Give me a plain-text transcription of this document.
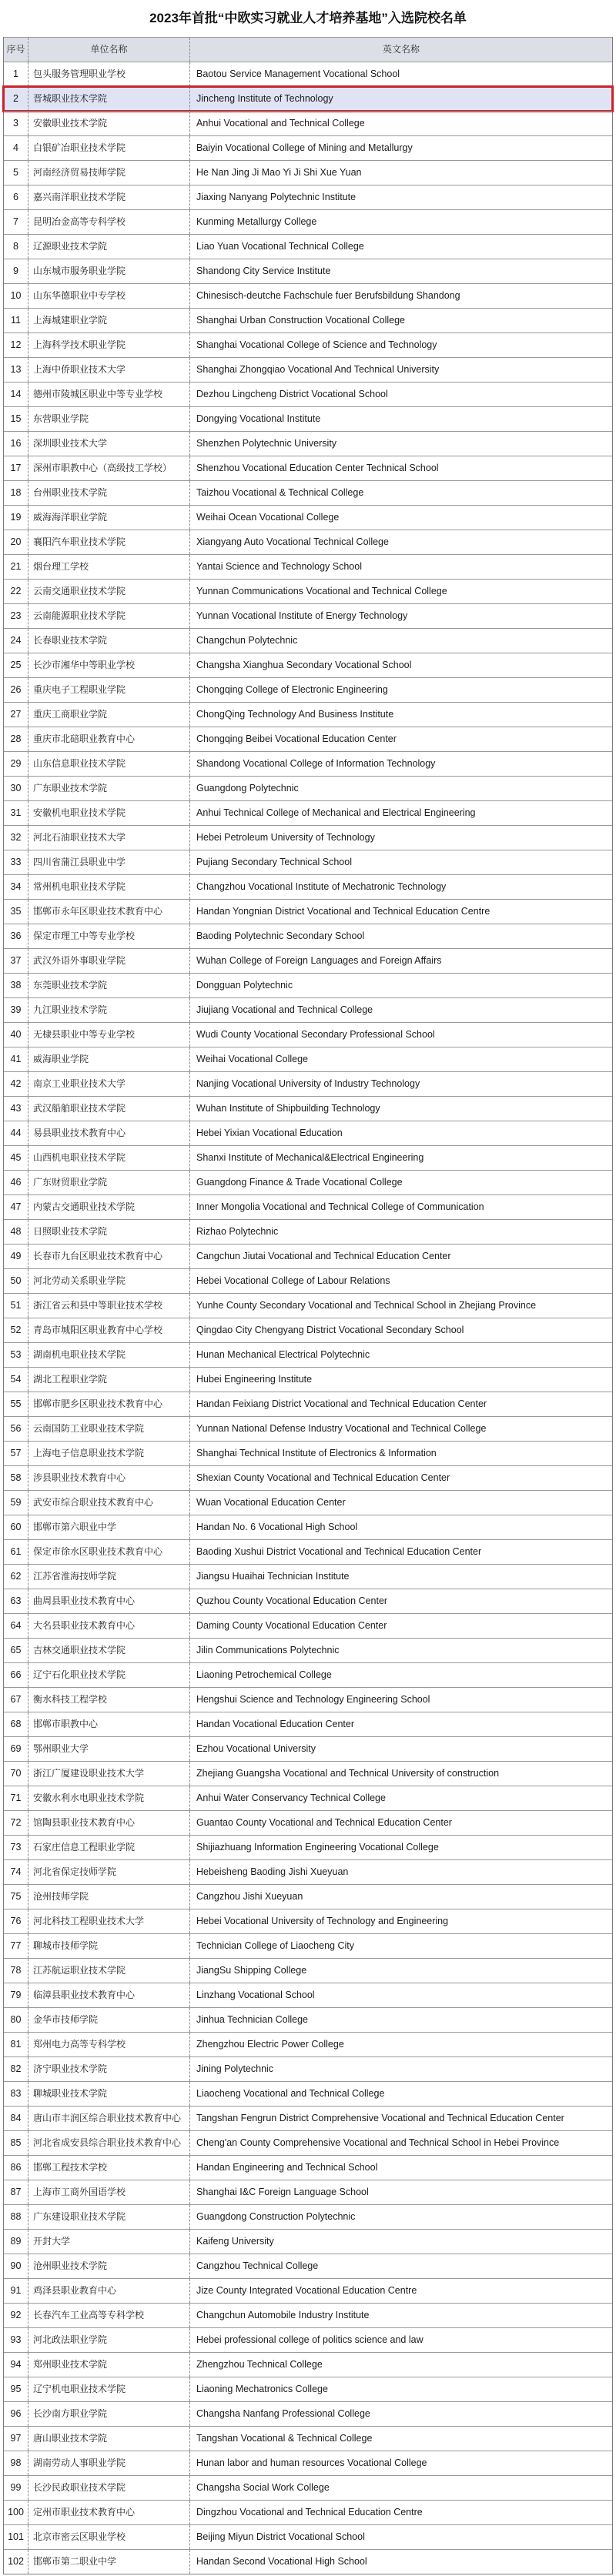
2023年首批“中欧实习就业人才培养基地”入选院校名单
序号	单位名称	英文名称
1	包头服务管理职业学校	Baotou Service Management Vocational School
2	晋城职业技术学院	Jincheng Institute of Technology
3	安徽职业技术学院	Anhui Vocational and Technical College
4	白银矿冶职业技术学院	Baiyin Vocational College of Mining and Metallurgy
5	河南经济贸易技师学院	He Nan Jing Ji Mao Yi Ji Shi Xue Yuan
6	嘉兴南洋职业技术学院	Jiaxing Nanyang Polytechnic Institute
7	昆明冶金高等专科学校	Kunming Metallurgy College
8	辽源职业技术学院	Liao Yuan Vocational Technical College
9	山东城市服务职业学院	Shandong City Service Institute
10	山东华德职业中专学校	Chinesisch-deutche Fachschule fuer Berufsbildung Shandong
11	上海城建职业学院	Shanghai Urban Construction Vocational College
12	上海科学技术职业学院	Shanghai Vocational College of Science and Technology
13	上海中侨职业技术大学	Shanghai Zhongqiao Vocational And Technical University
14	德州市陵城区职业中等专业学校	Dezhou Lingcheng District Vocational School
15	东营职业学院	Dongying Vocational Institute
16	深圳职业技术大学	Shenzhen Polytechnic University
17	深州市职教中心（高级技工学校）	Shenzhou Vocational Education Center Technical School
18	台州职业技术学院	Taizhou Vocational & Technical College
19	威海海洋职业学院	Weihai Ocean Vocational College
20	襄阳汽车职业技术学院	Xiangyang Auto Vocational Technical College
21	烟台理工学校	Yantai Science and Technology School
22	云南交通职业技术学院	Yunnan Communications Vocational and Technical College
23	云南能源职业技术学院	Yunnan Vocational Institute of Energy Technology
24	长春职业技术学院	Changchun Polytechnic
25	长沙市湘华中等职业学校	Changsha Xianghua Secondary Vocational School
26	重庆电子工程职业学院	Chongqing College of Electronic Engineering
27	重庆工商职业学院	ChongQing Technology And Business Institute
28	重庆市北碚职业教育中心	Chongqing Beibei Vocational Education Center
29	山东信息职业技术学院	Shandong Vocational College of Information Technology
30	广东职业技术学院	Guangdong Polytechnic
31	安徽机电职业技术学院	Anhui Technical College of Mechanical and Electrical Engineering
32	河北石油职业技术大学	Hebei Petroleum University of Technology
33	四川省蒲江县职业中学	Pujiang Secondary Technical School
34	常州机电职业技术学院	Changzhou Vocational Institute of Mechatronic Technology
35	邯郸市永年区职业技术教育中心	Handan Yongnian District Vocational and Technical Education Centre
36	保定市理工中等专业学校	Baoding Polytechnic Secondary School
37	武汉外语外事职业学院	Wuhan College of Foreign Languages and Foreign Affairs
38	东莞职业技术学院	Dongguan Polytechnic
39	九江职业技术学院	Jiujiang Vocational and Technical College
40	无棣县职业中等专业学校	Wudi County Vocational Secondary Professional School
41	威海职业学院	Weihai Vocational College
42	南京工业职业技术大学	Nanjing Vocational University of Industry Technology
43	武汉船舶职业技术学院	Wuhan Institute of Shipbuilding Technology
44	易县职业技术教育中心	Hebei Yixian Vocational Education
45	山西机电职业技术学院	Shanxi Institute of Mechanical&Electrical Engineering
46	广东财贸职业学院	Guangdong Finance & Trade Vocational College
47	内蒙古交通职业技术学院	Inner Mongolia Vocational and Technical College of Communication
48	日照职业技术学院	Rizhao Polytechnic
49	长春市九台区职业技术教育中心	Cangchun Jiutai Vocational and Technical Education Center
50	河北劳动关系职业学院	Hebei Vocational College of Labour Relations
51	浙江省云和县中等职业技术学校	Yunhe County Secondary Vocational and Technical School in Zhejiang Province
52	青岛市城阳区职业教育中心学校	Qingdao City Chengyang District Vocational Secondary School
53	湖南机电职业技术学院	Hunan Mechanical Electrical Polytechnic
54	湖北工程职业学院	Hubei Engineering Institute
55	邯郸市肥乡区职业技术教育中心	Handan Feixiang District Vocational and Technical Education Center
56	云南国防工业职业技术学院	Yunnan National Defense Industry Vocational and Technical College
57	上海电子信息职业技术学院	Shanghai Technical Institute of Electronics & Information
58	涉县职业技术教育中心	Shexian County Vocational and Technical Education Center
59	武安市综合职业技术教育中心	Wuan Vocational Education Center
60	邯郸市第六职业中学	Handan No. 6 Vocational High School
61	保定市徐水区职业技术教育中心	Baoding Xushui District Vocational and Technical Education Center
62	江苏省淮海技师学院	Jiangsu Huaihai Technician Institute
63	曲周县职业技术教育中心	Quzhou County Vocational Education Center
64	大名县职业技术教育中心	Daming County Vocational Education Center
65	吉林交通职业技术学院	Jilin Communications Polytechnic
66	辽宁石化职业技术学院	Liaoning Petrochemical College
67	衡水科技工程学校	Hengshui Science and Technology Engineering School
68	邯郸市职教中心	Handan Vocational Education Center
69	鄂州职业大学	Ezhou Vocational University
70	浙江广厦建设职业技术大学	Zhejiang Guangsha Vocational and Technical University of construction
71	安徽水利水电职业技术学院	Anhui Water Conservancy Technical College
72	馆陶县职业技术教育中心	Guantao County Vocational and Technical Education Center
73	石家庄信息工程职业学院	Shijiazhuang Information Engineering Vocational College
74	河北省保定技师学院	Hebeisheng Baoding Jishi Xueyuan
75	沧州技师学院	Cangzhou Jishi Xueyuan
76	河北科技工程职业技术大学	Hebei Vocational University of Technology and Engineering
77	聊城市技师学院	Technician College of Liaocheng City
78	江苏航运职业技术学院	JiangSu Shipping College
79	临漳县职业技术教育中心	Linzhang Vocational School
80	金华市技师学院	Jinhua Technician College
81	郑州电力高等专科学校	Zhengzhou Electric Power College
82	济宁职业技术学院	Jining Polytechnic
83	聊城职业技术学院	Liaocheng Vocational and Technical College
84	唐山市丰润区综合职业技术教育中心	Tangshan Fengrun District Comprehensive Vocational and Technical Education Center
85	河北省成安县综合职业技术教育中心	Cheng'an County Comprehensive Vocational and Technical School in Hebei Province
86	邯郸工程技术学校	Handan Engineering and Technical School
87	上海市工商外国语学校	Shanghai I&C Foreign Language School
88	广东建设职业技术学院	Guangdong Construction Polytechnic
89	开封大学	Kaifeng University
90	沧州职业技术学院	Cangzhou Technical College
91	鸡泽县职业教育中心	Jize County Integrated Vocational Education Centre
92	长春汽车工业高等专科学校	Changchun Automobile Industry Institute
93	河北政法职业学院	Hebei professional college of politics science and law
94	郑州职业技术学院	Zhengzhou Technical College
95	辽宁机电职业技术学院	Liaoning Mechatronics College
96	长沙南方职业学院	Changsha Nanfang Professional College
97	唐山职业技术学院	Tangshan Vocational & Technical College
98	湖南劳动人事职业学院	Hunan labor and human resources Vocational College
99	长沙民政职业技术学院	Changsha Social Work College
100	定州市职业技术教育中心	Dingzhou Vocational and Technical Education Centre
101	北京市密云区职业学校	Beijing Miyun District Vocational School
102	邯郸市第二职业中学	Handan Second Vocational High School
